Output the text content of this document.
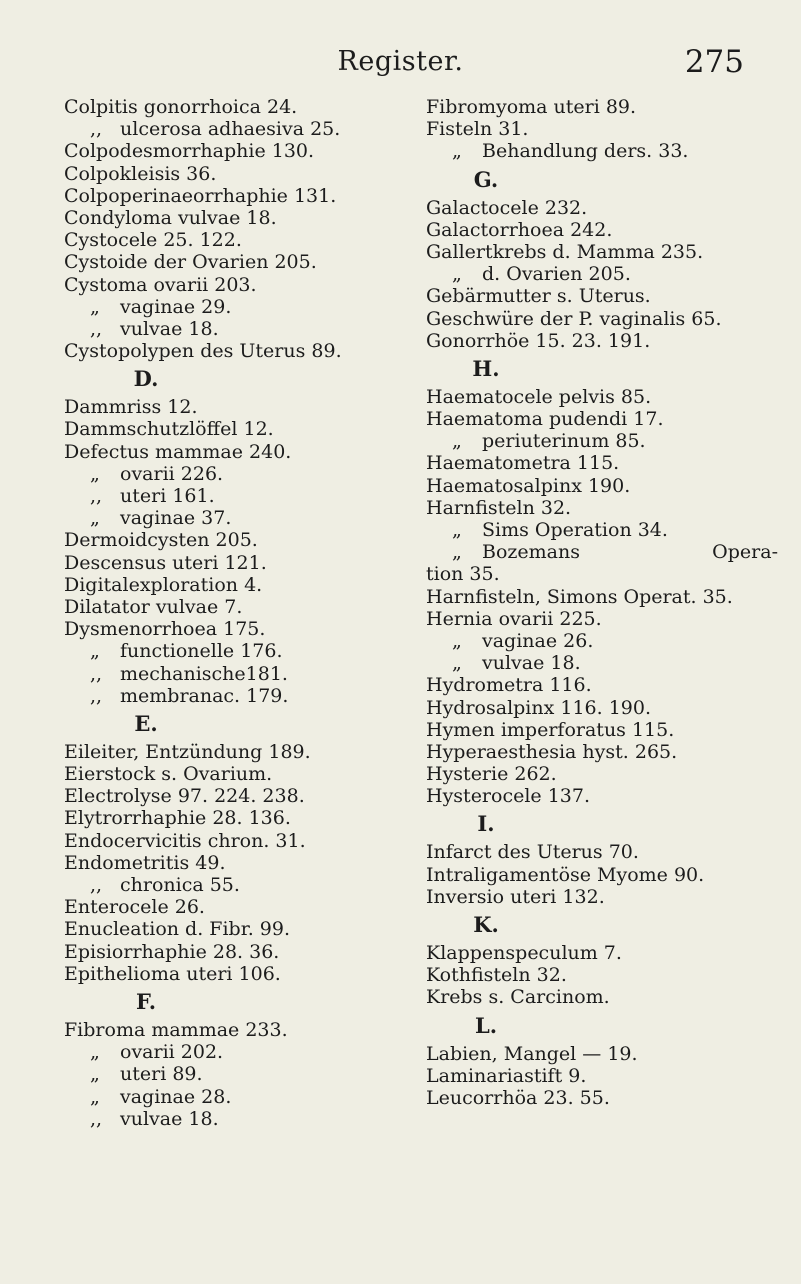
Register.	275
Colpitis gonorrhoica 24.
,, ulcerosa adhaesiva 25.
Colpodesmorrhaphie 130.
Colpokleisis 36.
Colpoperinaeorrhaphie 131.
Condyloma vulvae 18.
Cystocele 25. 122.
Cystoide der Ovarien 205.
Cystoma ovarii 203.
„ vaginae 29.
,, vulvae 18.
Cystopolypen des Uterus 89.
D.
Dammriss 12.
Dammschutzlöffel 12.
Defectus mammae 240.
„ ovarii 226.
,, uteri 161.
„ vaginae 37.
Dermoidcysten 205.
Descensus uteri 121.
Digitalexploration 4.
Dilatator vulvae 7.
Dysmenorrhoea 175.
„ functionelle 176.
,, mechanische181.
,, membranac. 179.
E.
Eileiter, Entzündung 189.
Eierstock s. Ovarium.
Electrolyse 97. 224. 238.
Elytrorrhaphie 28. 136.
Endocervicitis chron. 31.
Endometritis 49.
,, chronica 55.
Enterocele 26.
Enucleation d. Fibr. 99.
Episiorrhaphie 28. 36.
Epithelioma uteri 106.
F.
Fibroma mammae 233.
„ ovarii 202.
„ uteri 89.
„ vaginae 28.
,, vulvae 18.
Fibromyoma uteri 89.
Fisteln 31.
„ Behandlung ders. 33.
G.
Galactocele 232.
Galactorrhoea 242.
Gallertkrebs d. Mamma 235.
„ d. Ovarien 205.
Gebärmutter s. Uterus.
Geschwüre der P. vaginalis 65.
Gonorrhöe 15. 23. 191.
H.
Haematocele pelvis 85.
Haematoma pudendi 17.
„ periuterinum 85.
Haematometra 115.
Haematosalpinx 190.
Harnfisteln 32.
„ Sims Operation 34.
„ Bozemans	Opera-
tion 35.
Harnfisteln, Simons Operat. 35.
Hernia ovarii 225.
„ vaginae 26.
„ vulvae 18.
Hydrometra 116.
Hydrosalpinx 116. 190.
Hymen imperforatus 115.
Hyperaesthesia hyst. 265.
Hysterie 262.
Hysterocele 137.
I.
Infarct des Uterus 70.
Intraligamentöse Myome 90.
Inversio uteri 132.
K.
Klappenspeculum 7.
Kothfisteln 32.
Krebs s. Carcinom.
L.
Labien, Mangel — 19.
Laminariastift 9.
Leucorrhöa 23. 55.
